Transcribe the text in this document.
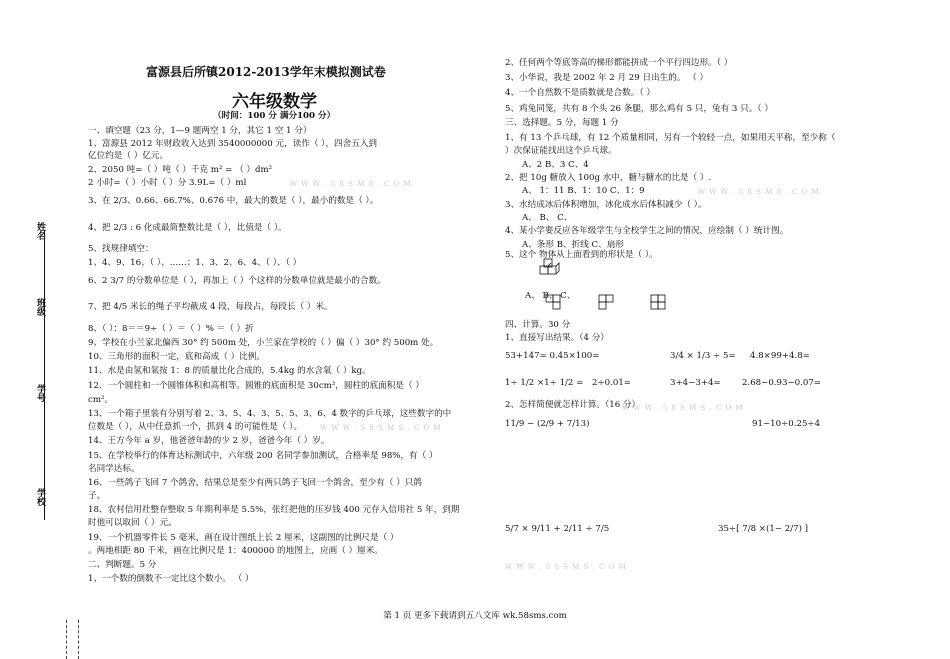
姓名
班级
学号
学校
富源县后所镇2012-2013学年末模拟测试卷
六年级数学
（时间：100 分 满分100 分）
一、填空题（23 分，1—9 题两空 1 分，其它 1 空 1 分）
1、富源县 2012 年财政收入达到 3540000000 元，读作（ ），四舍五入到
亿位约是（ ）亿元。
2、2050 吨=（ ）吨（ ）千克 m² = （ ）dm²
2 小时=（ ）小时（ ）分 3.9L=（ ）ml
3、在 2/3、0.66、66.7%、0.6̇7̇6̇ 中，最大的数是（ ），最小的数是（ ）。
4、把 2/3 : 6 化成最简整数比是（ ），比值是（ ）。
5、找规律填空：
1、4、9、16、（ ）、……；1、3、2、6、4、（ ）、（ ）
6、2 3/7 的分数单位是（ ），再加上（ ）个这样的分数单位就是最小的合数。
7、把 4/5 米长的绳子平均截成 4 段，每段占，每段长（ ）米。
8、（ ）：8＝＝9÷（ ）＝（ ）% ＝（ ）折
9、学校在小兰家北偏西 30° 约 500m 处，小兰家在学校的（ ）偏（ ）30° 约 500m 处。
10、三角形的面积一定，底和高成（ ）比例。
11、水是由氢和氧按 1：8 的质量比化合成的，5.4kg 的水含氧（ ）kg。
12、一个圆柱和一个圆锥体积和高相等。圆锥的底面积是 30cm²，圆柱的底面积是（ ）
cm²。
13、一个箱子里装有分别写着 2、3、5、4、3、5、5、3、6、4 数字的乒乓球，这些数字的中
位数是（ ），从中任意抓一个，抓到 4 的可能性是（ ）。
14、王方今年 a 岁，他爸爸年龄的少 2 岁，爸爸今年（ ）岁。
15、在学校举行的体育达标测试中，六年级 200 名同学参加测试，合格率是 98%，有（ ）
名同学达标。
16、一些鸽子飞回 7 个鸽舍，结果总是至少有两只鸽子飞回一个鸽舍，至少有（ ）只鸽
子。
18、农村信用社整存整取 5 年期利率是 5.5%，张红把他的压岁钱 400 元存入信用社 5 年，到期
时他可以取回（ ）元。
19、一个机器零件长 5 毫米，画在设计图纸上长 2 厘米，这副图的比例尺是（ ）
。两地相距 80 千米，画在比例尺是 1：400000 的地图上，应画（ ）厘米。
二、判断题。5 分
1、一个数的倒数不一定比这个数小。 （ ）
2、任何两个等底等高的梯形都能拼成一个平行四边形。（ ）
3、小华说，我是 2002 年 2 月 29 日出生的。 （ ）
4、一个自然数不是质数就是合数。（ ）
5、鸡兔同笼，共有 8 个头 26 条腿，那么鸡有 5 只，兔有 3 只。（ ）
三、选择题。5 分，每题 1 分
1、有 13 个乒乓球，有 12 个质量相同，另有一个较轻一点，如果用天平称，至少称（
）次保证能找出这个乒乓球。
A、2 B、3 C、4
2、把 10g 糖放入 100g 水中，糖与糖水的比是（ ）.
A、 1：11 B、1：10 C、1：9
3、水结成冰后体积增加，冰化成水后体积减少（ ）。
A、 B、 C、
4、某小学要反应各年级学生与全校学生之间的情况，应绘制（ ）统计图。
A、条形 B、折线 C、扇形
5、这个 物体从上面看到的形状是（ ）。
A、 B、 C、
四、计算。30 分
1、直接写出结果。（4 分）
53+147= 0.45×100=	3/4 × 1/3 ÷ 5= 4.8×99+4.8=
1÷ 1/2 ×1÷ 1/2 = 2÷0.01=	3+4−3+4= 2.68−0.93−0.07=
2、怎样简便就怎样计算。（16 分）
11/9 − (2/9 + 7/13)	91−10÷0.25÷4
5/7 × 9/11 + 2/11 ÷ 7/5	35÷[ 7/8 ×(1− 2/7) ]
W W W . 5 8 S M S . C O M
W W W . 5 8 S M S . C O M
W W W . 5 8 S M S . C O M
W W W . 5 8 S M S . C O M
W W W . 5 8 S M S . C O M
第 1 页 更多下载请到五八文库 wk.58sms.com
